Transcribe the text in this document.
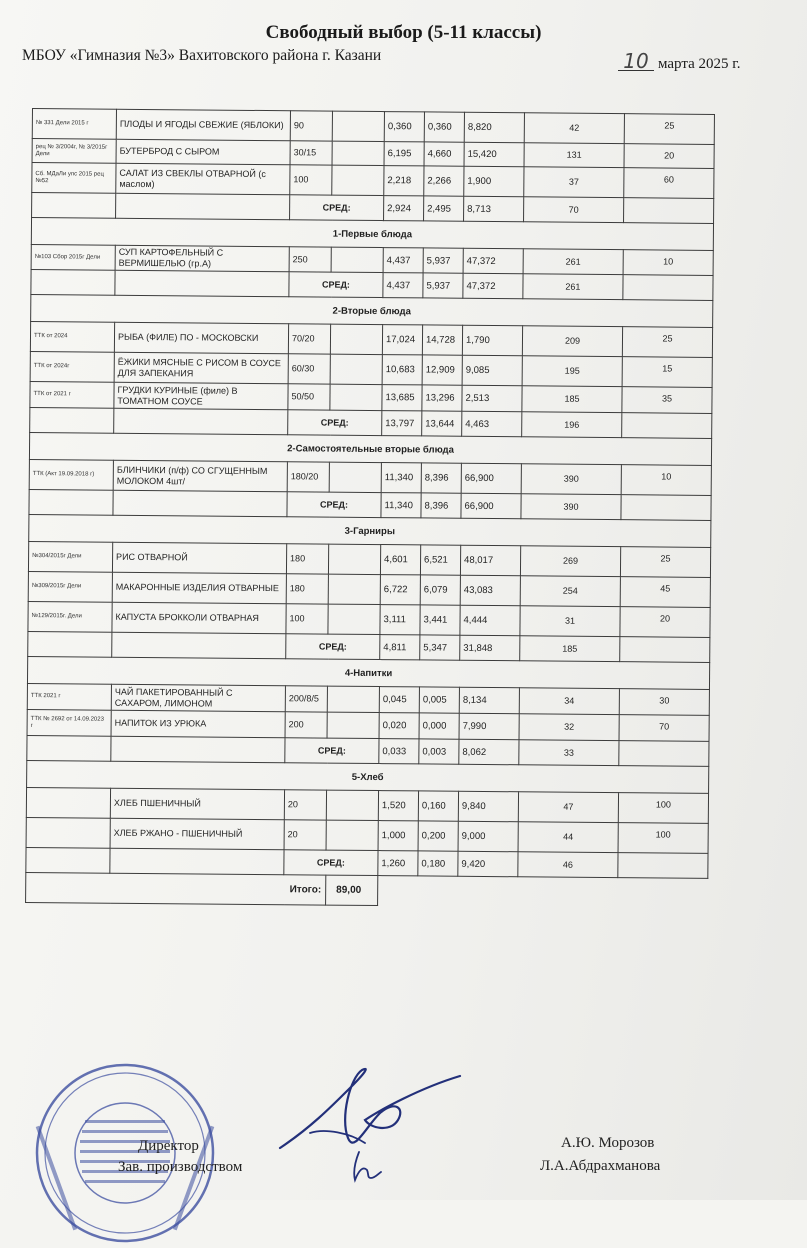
Свободный выбор (5-11 классы)
МБОУ «Гимназия №3» Вахитовского района г. Казани	10 марта 2025 г.
№ 331 Дели 2015 г	ПЛОДЫ И ЯГОДЫ СВЕЖИЕ (ЯБЛОКИ)	90		0,360	0,360	8,820	42	25
рец № 3/2004г, № 3/2015г Дели	БУТЕРБРОД С СЫРОМ	30/15		6,195	4,660	15,420	131	20
Сб. МДаЛи упс 2015 рец №52	САЛАТ ИЗ СВЕКЛЫ ОТВАРНОЙ (с маслом)	100		2,218	2,266	1,900	37	60
		СРЕД:		2,924	2,495	8,713	70	
1-Первые блюда								
№103 Сбор 2015г Дели	СУП КАРТОФЕЛЬНЫЙ С ВЕРМИШЕЛЬЮ (гр.А)	250		4,437	5,937	47,372	261	10
		СРЕД:		4,437	5,937	47,372	261	
2-Вторые блюда								
ТТК от 2024	РЫБА (ФИЛЕ) ПО - МОСКОВСКИ	70/20		17,024	14,728	1,790	209	25
ТТК от 2024г	ЁЖИКИ МЯСНЫЕ С РИСОМ В СОУСЕ ДЛЯ ЗАПЕКАНИЯ	60/30		10,683	12,909	9,085	195	15
ТТК от 2021 г	ГРУДКИ КУРИНЫЕ (филе) В ТОМАТНОМ СОУСЕ	50/50		13,685	13,296	2,513	185	35
		СРЕД:		13,797	13,644	4,463	196	
2-Самостоятельные вторые блюда								
ТТК (Акт 19.09.2018 г)	БЛИНЧИКИ (п/ф) СО СГУЩЕННЫМ МОЛОКОМ 4шт/	180/20		11,340	8,396	66,900	390	10
		СРЕД:		11,340	8,396	66,900	390	
3-Гарниры								
№304/2015г Дели	РИС ОТВАРНОЙ	180		4,601	6,521	48,017	269	25
№309/2015г Дели	МАКАРОННЫЕ ИЗДЕЛИЯ ОТВАРНЫЕ	180		6,722	6,079	43,083	254	45
№129/2015г. Дели	КАПУСТА БРОККОЛИ ОТВАРНАЯ	100		3,111	3,441	4,444	31	20
		СРЕД:		4,811	5,347	31,848	185	
4-Напитки								
ТТК 2021 г	ЧАЙ ПАКЕТИРОВАННЫЙ С САХАРОМ, ЛИМОНОМ	200/8/5		0,045	0,005	8,134	34	30
ТТК № 2692 от 14.09.2023 г	НАПИТОК ИЗ УРЮКА	200		0,020	0,000	7,990	32	70
		СРЕД:		0,033	0,003	8,062	33	
5-Хлеб								
	ХЛЕБ ПШЕНИЧНЫЙ	20		1,520	0,160	9,840	47	100
	ХЛЕБ РЖАНО - ПШЕНИЧНЫЙ	20		1,000	0,200	9,000	44	100
		СРЕД:		1,260	0,180	9,420	46	
Итого:			89,00					
Директор	А.Ю. Морозов
Зав. производством	Л.А.Абдрахманова
